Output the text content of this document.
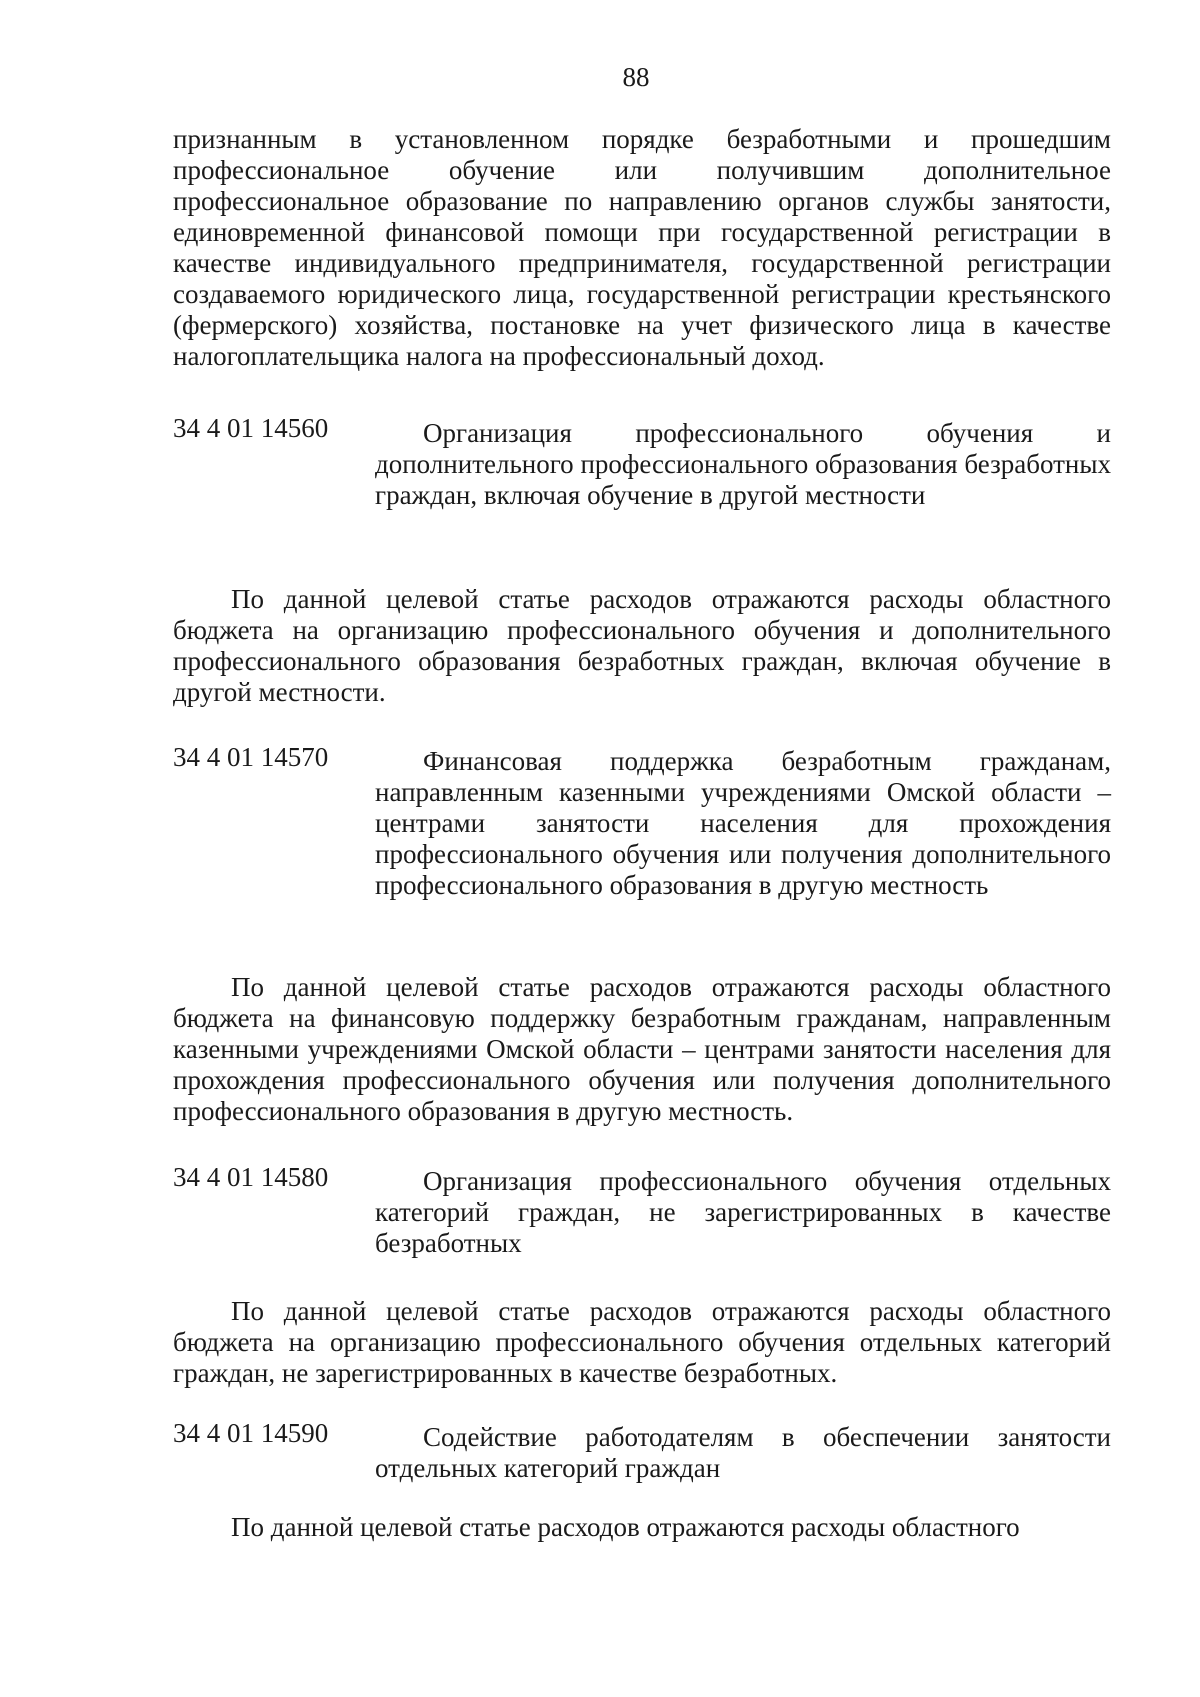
88

признанным в установленном порядке безработными и прошедшим профессиональное обучение или получившим дополнительное профессиональное образование по направлению органов службы занятости, единовременной финансовой помощи при государственной регистрации в качестве индивидуального предпринимателя, государственной регистрации создаваемого юридического лица, государственной регистрации крестьянского (фермерского) хозяйства, постановке на учет физического лица в качестве налогоплательщика налога на профессиональный доход.

34 4 01 14560	Организация профессионального обучения и дополнительного профессионального образования безработных граждан, включая обучение в другой местности

По данной целевой статье расходов отражаются расходы областного бюджета на организацию профессионального обучения и дополнительного профессионального образования безработных граждан, включая обучение в другой местности.

34 4 01 14570	Финансовая поддержка безработным гражданам, направленным казенными учреждениями Омской области – центрами занятости населения для прохождения профессионального обучения или получения дополнительного профессионального образования в другую местность

По данной целевой статье расходов отражаются расходы областного бюджета на финансовую поддержку безработным гражданам, направленным казенными учреждениями Омской области – центрами занятости населения для прохождения профессионального обучения или получения дополнительного профессионального образования в другую местность.

34 4 01 14580	Организация профессионального обучения отдельных категорий граждан, не зарегистрированных в качестве безработных

По данной целевой статье расходов отражаются расходы областного бюджета на организацию профессионального обучения отдельных категорий граждан, не зарегистрированных в качестве безработных.

34 4 01 14590	Содействие работодателям в обеспечении занятости отдельных категорий граждан

По данной целевой статье расходов отражаются расходы областного
